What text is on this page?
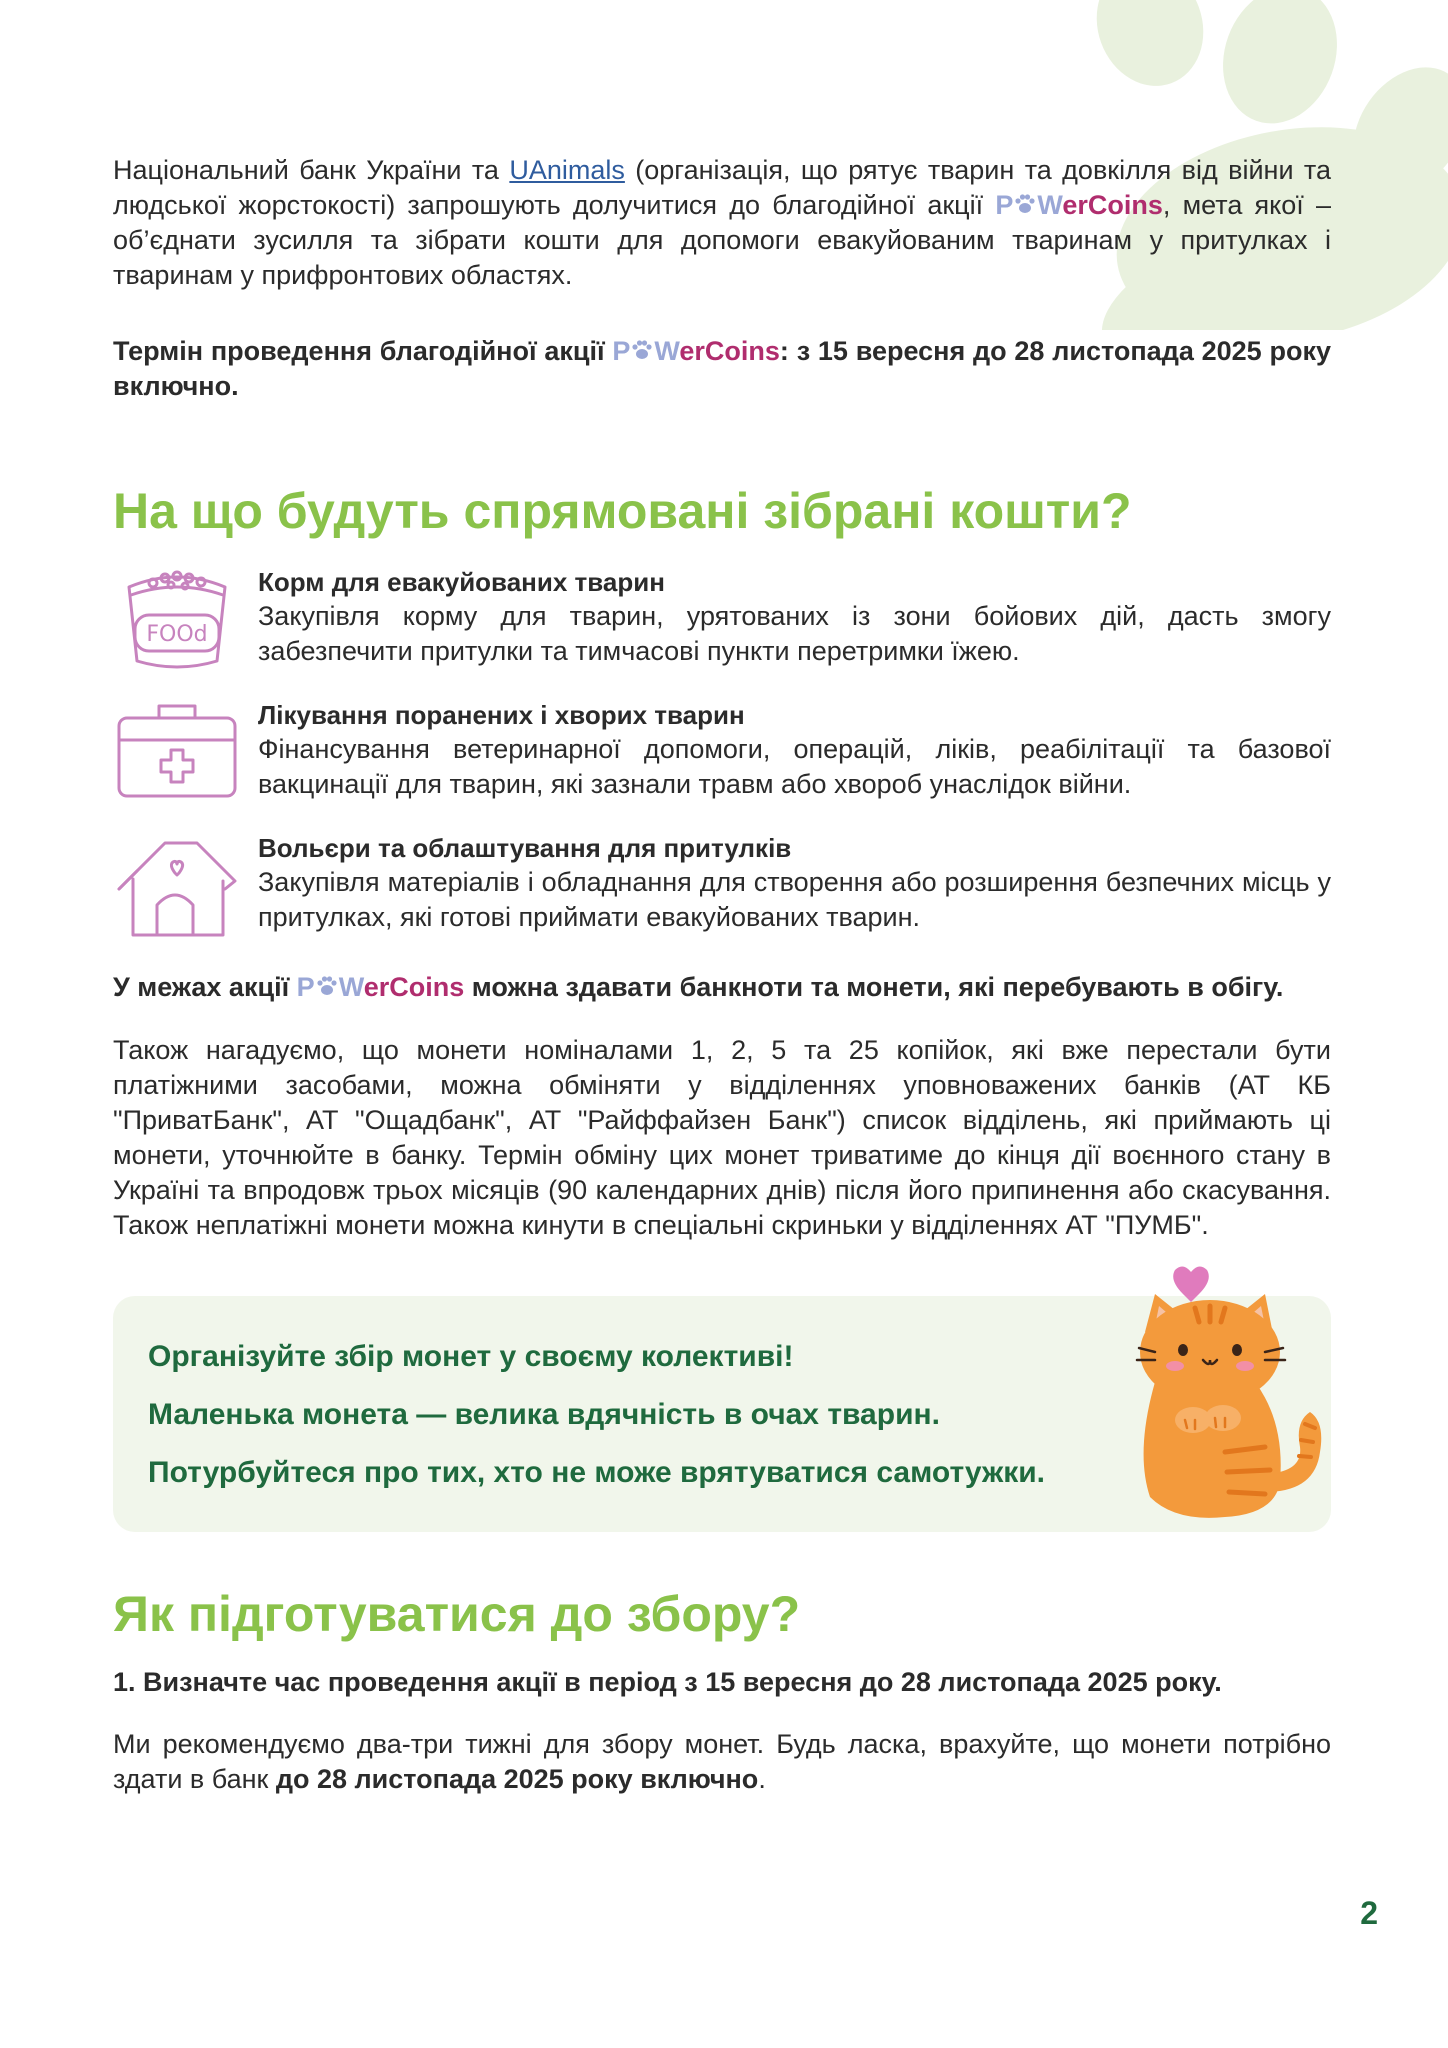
Національний банк України та UAnimals (організація, що рятує тварин та довкілля від війни та людської жорстокості) запрошують долучитися до благодійної акції P WerCoins, мета якої – об’єднати зусилля та зібрати кошти для допомоги евакуйованим тваринам у притулках і тваринам у прифронтових областях.

Термін проведення благодійної акції P WerCoins: з 15 вересня до 28 листопада 2025 року включно.

На що будуть спрямовані зібрані кошти?
FOOd

Корм для евакуйованих тварин

Закупівля корму для тварин, урятованих із зони бойових дій, дасть змогу забезпечити притулки та тимчасові пункти перетримки їжею.

Лікування поранених і хворих тварин

Фінансування ветеринарної допомоги, операцій, ліків, реабілітації та базової вакцинації для тварин, які зазнали травм або хвороб унаслідок війни.

Вольєри та облаштування для притулків

Закупівля матеріалів і обладнання для створення або розширення безпечних місць у притулках, які готові приймати евакуйованих тварин.

У межах акції P WerCoins можна здавати банкноти та монети, які перебувають в обігу.

Також нагадуємо, що монети номіналами 1, 2, 5 та 25 копійок, які вже перестали бути платіжними засобами, можна обміняти у відділеннях уповноважених банків (АТ КБ "ПриватБанк", АТ "Ощадбанк", АТ "Райффайзен Банк") список відділень, які приймають ці монети, уточнюйте в банку. Термін обміну цих монет триватиме до кінця дії воєнного стану в Україні та впродовж трьох місяців (90 календарних днів) після його припинення або скасування. Також неплатіжні монети можна кинути в спеціальні скриньки у відділеннях АТ "ПУМБ".

Організуйте збір монет у своєму колективі!

Маленька монета — велика вдячність в очах тварин.

Потурбуйтеся про тих, хто не може врятуватися самотужки.

Як підготуватися до збору?

1. Визначте час проведення акції в період з 15 вересня до 28 листопада 2025 року.

Ми рекомендуємо два-три тижні для збору монет. Будь ласка, врахуйте, що монети потрібно здати в банк до 28 листопада 2025 року включно.

2
